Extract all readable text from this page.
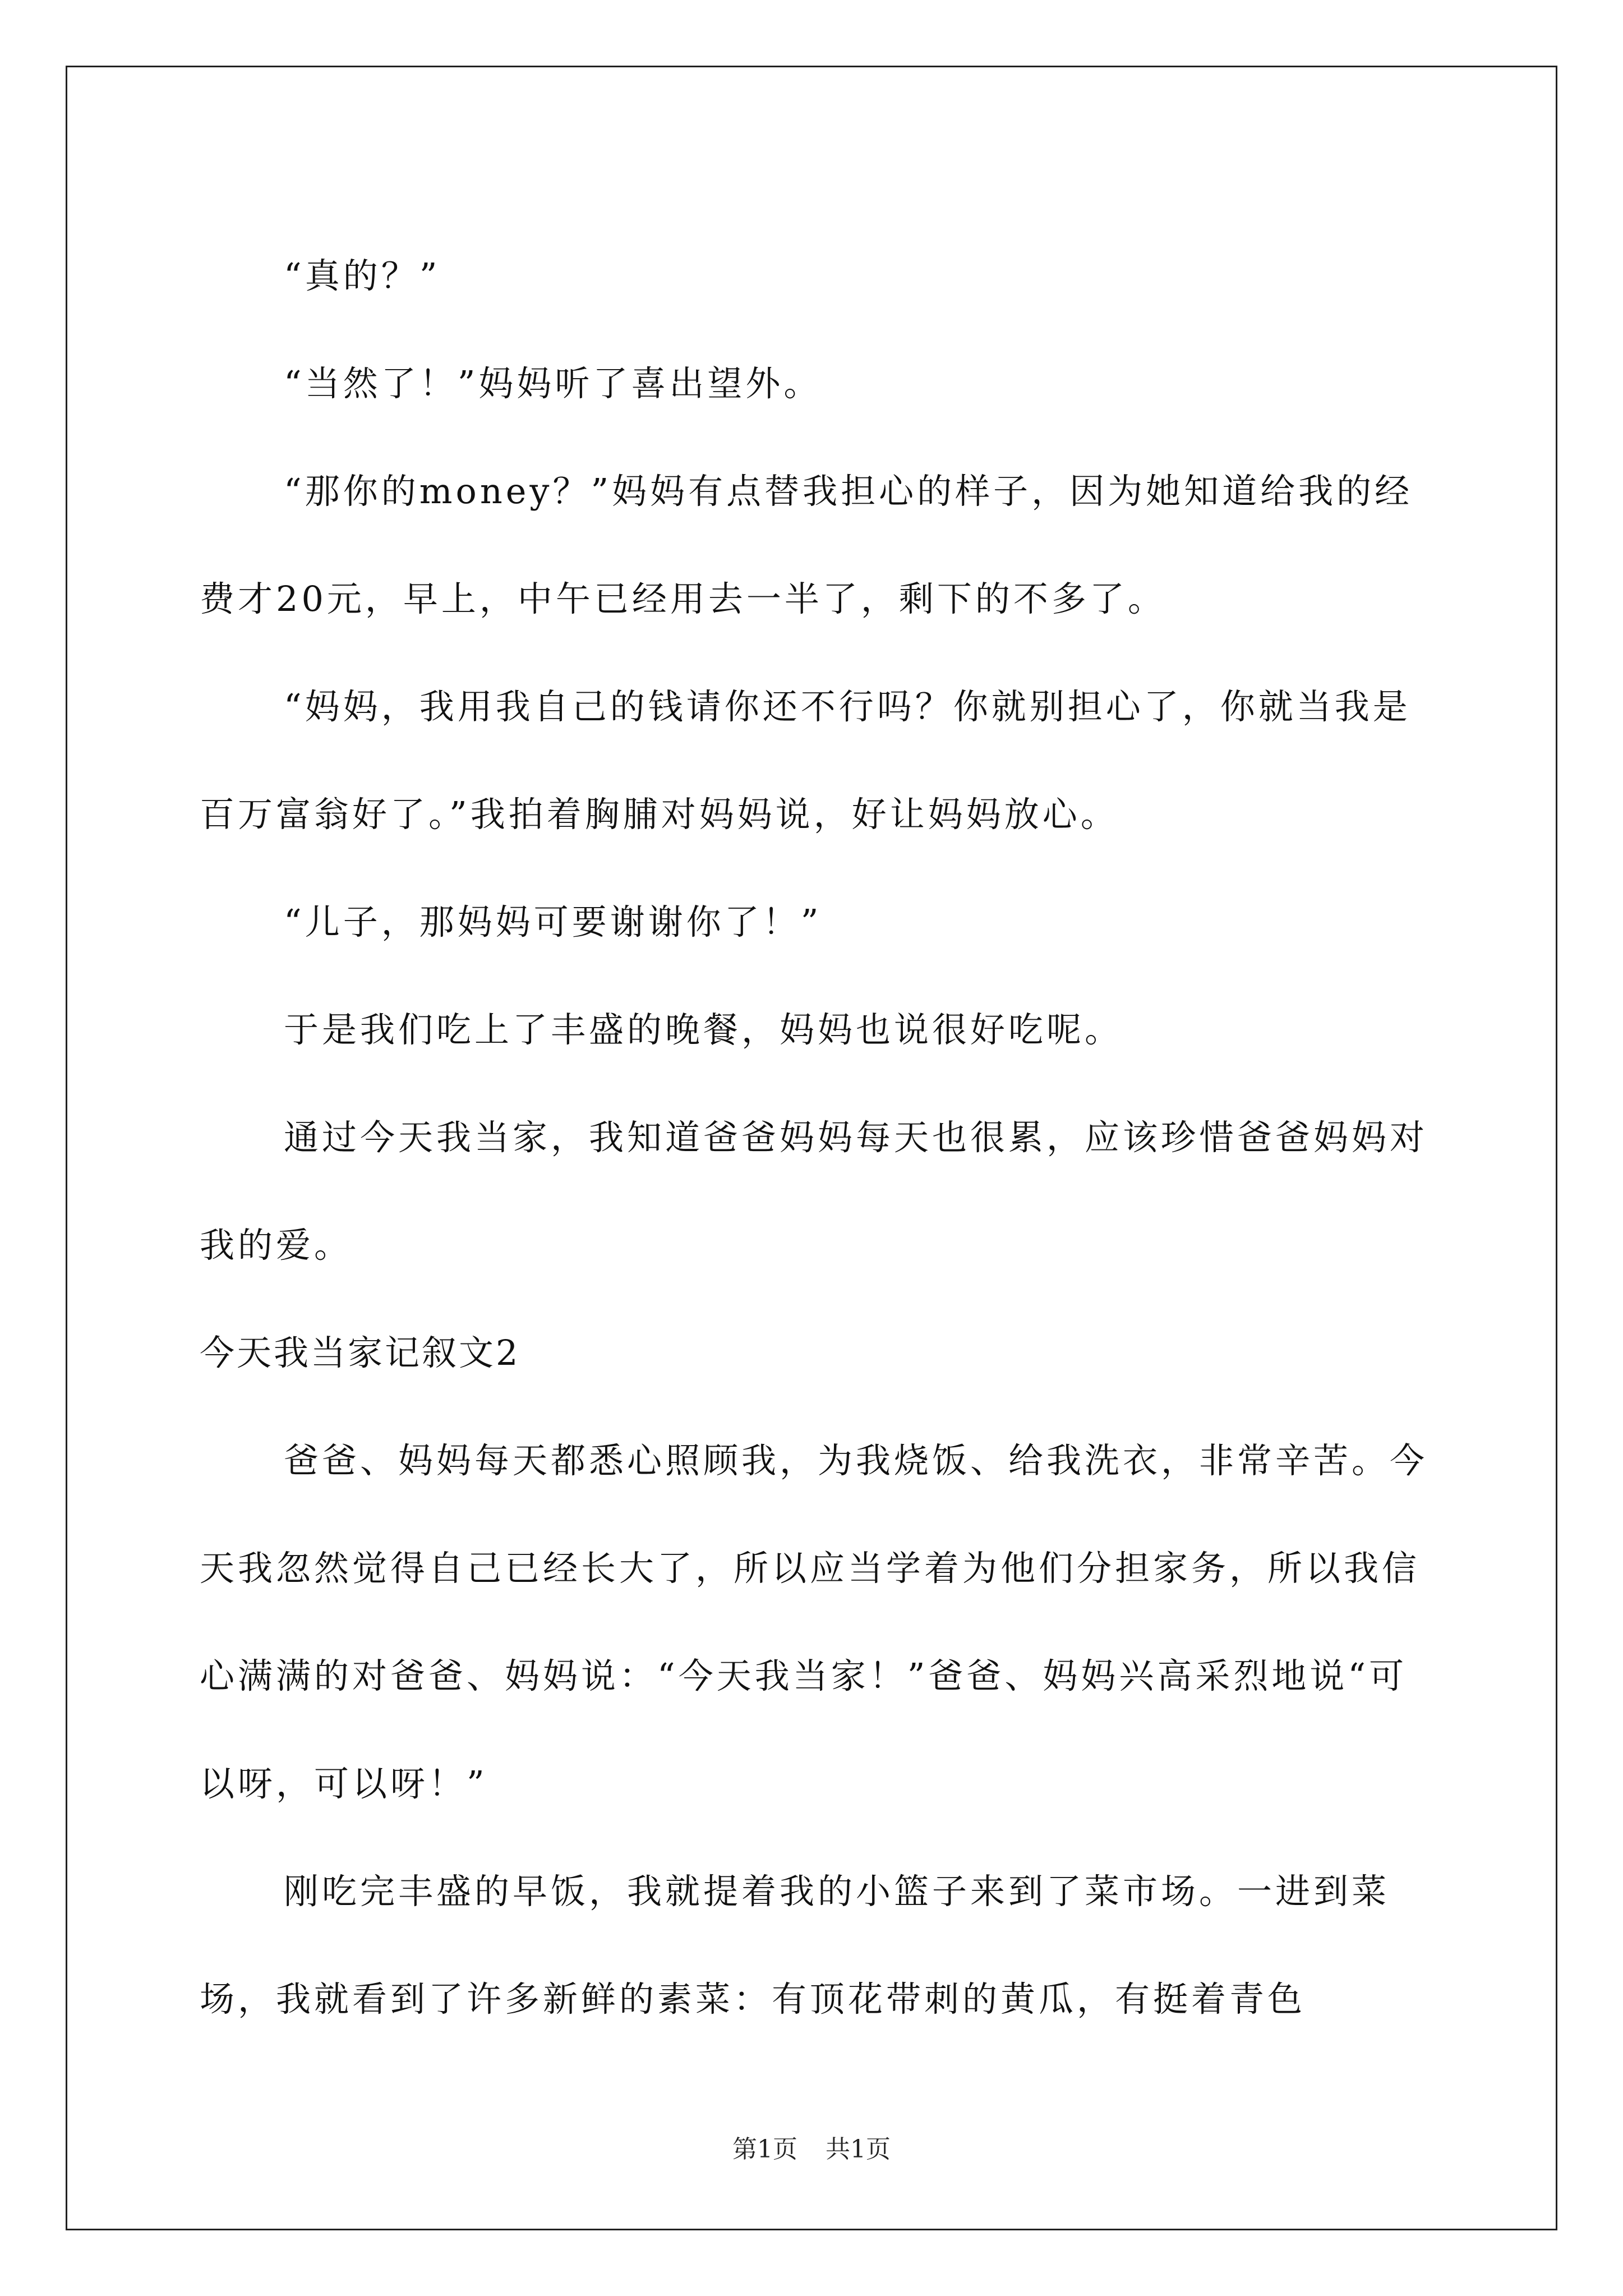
“真的？”

“当然了！”妈妈听了喜出望外。

“那你的money？”妈妈有点替我担心的样子，因为她知道给我的经费才20元，早上，中午已经用去一半了，剩下的不多了。

“妈妈，我用我自己的钱请你还不行吗？你就别担心了，你就当我是百万富翁好了。”我拍着胸脯对妈妈说，好让妈妈放心。

“儿子，那妈妈可要谢谢你了！”

于是我们吃上了丰盛的晚餐，妈妈也说很好吃呢。

通过今天我当家，我知道爸爸妈妈每天也很累，应该珍惜爸爸妈妈对我的爱。

今天我当家记叙文2

爸爸、妈妈每天都悉心照顾我，为我烧饭、给我洗衣，非常辛苦。今天我忽然觉得自己已经长大了，所以应当学着为他们分担家务，所以我信心满满的对爸爸、妈妈说：“今天我当家！”爸爸、妈妈兴高采烈地说“可以呀，可以呀！”

刚吃完丰盛的早饭，我就提着我的小篮子来到了菜市场。一进到菜场，我就看到了许多新鲜的素菜：有顶花带刺的黄瓜，有挺着青色

第1页 共1页
